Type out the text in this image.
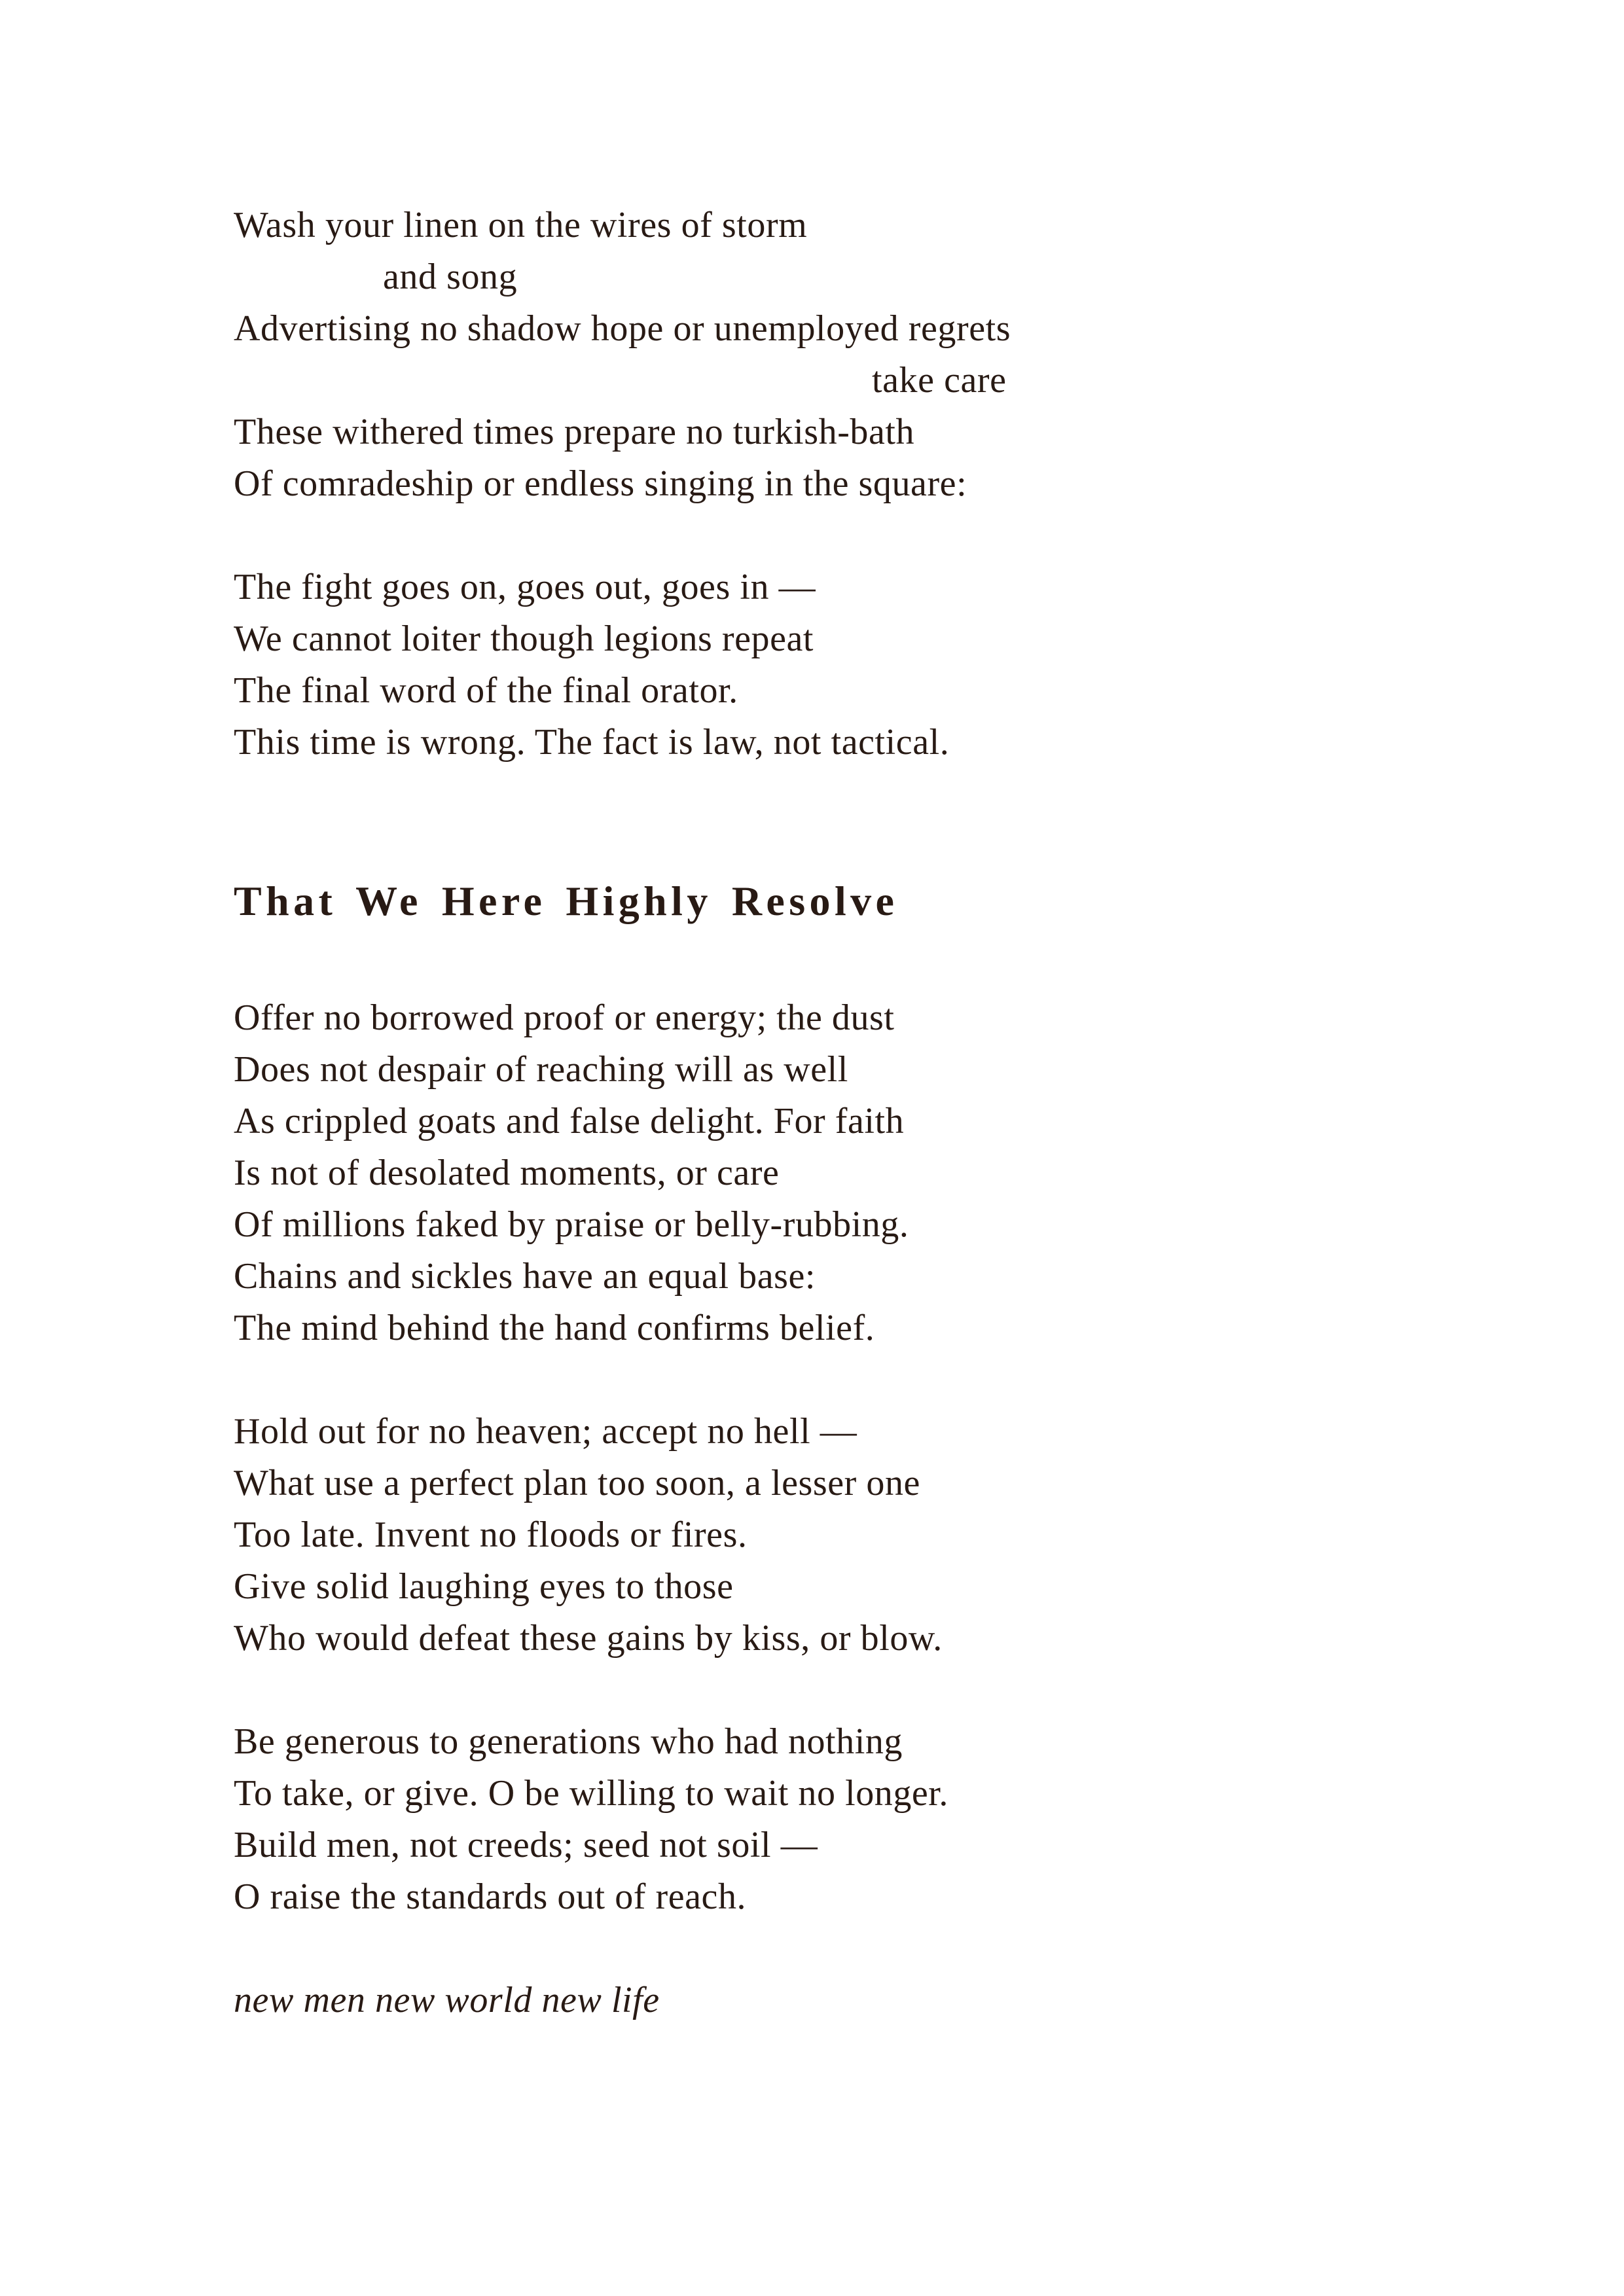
Wash your linen on the wires of storm
and song
Advertising no shadow hope or unemployed regrets
take care
These withered times prepare no turkish-bath
Of comradeship or endless singing in the square:
The fight goes on, goes out, goes in —
We cannot loiter though legions repeat
The final word of the final orator.
This time is wrong. The fact is law, not tactical.
That We Here Highly Resolve
Offer no borrowed proof or energy; the dust
Does not despair of reaching will as well
As crippled goats and false delight. For faith
Is not of desolated moments, or care
Of millions faked by praise or belly-rubbing.
Chains and sickles have an equal base:
The mind behind the hand confirms belief.
Hold out for no heaven; accept no hell —
What use a perfect plan too soon, a lesser one
Too late. Invent no floods or fires.
Give solid laughing eyes to those
Who would defeat these gains by kiss, or blow.
Be generous to generations who had nothing
To take, or give. O be willing to wait no longer.
Build men, not creeds; seed not soil —
O raise the standards out of reach.
new men new world new life
